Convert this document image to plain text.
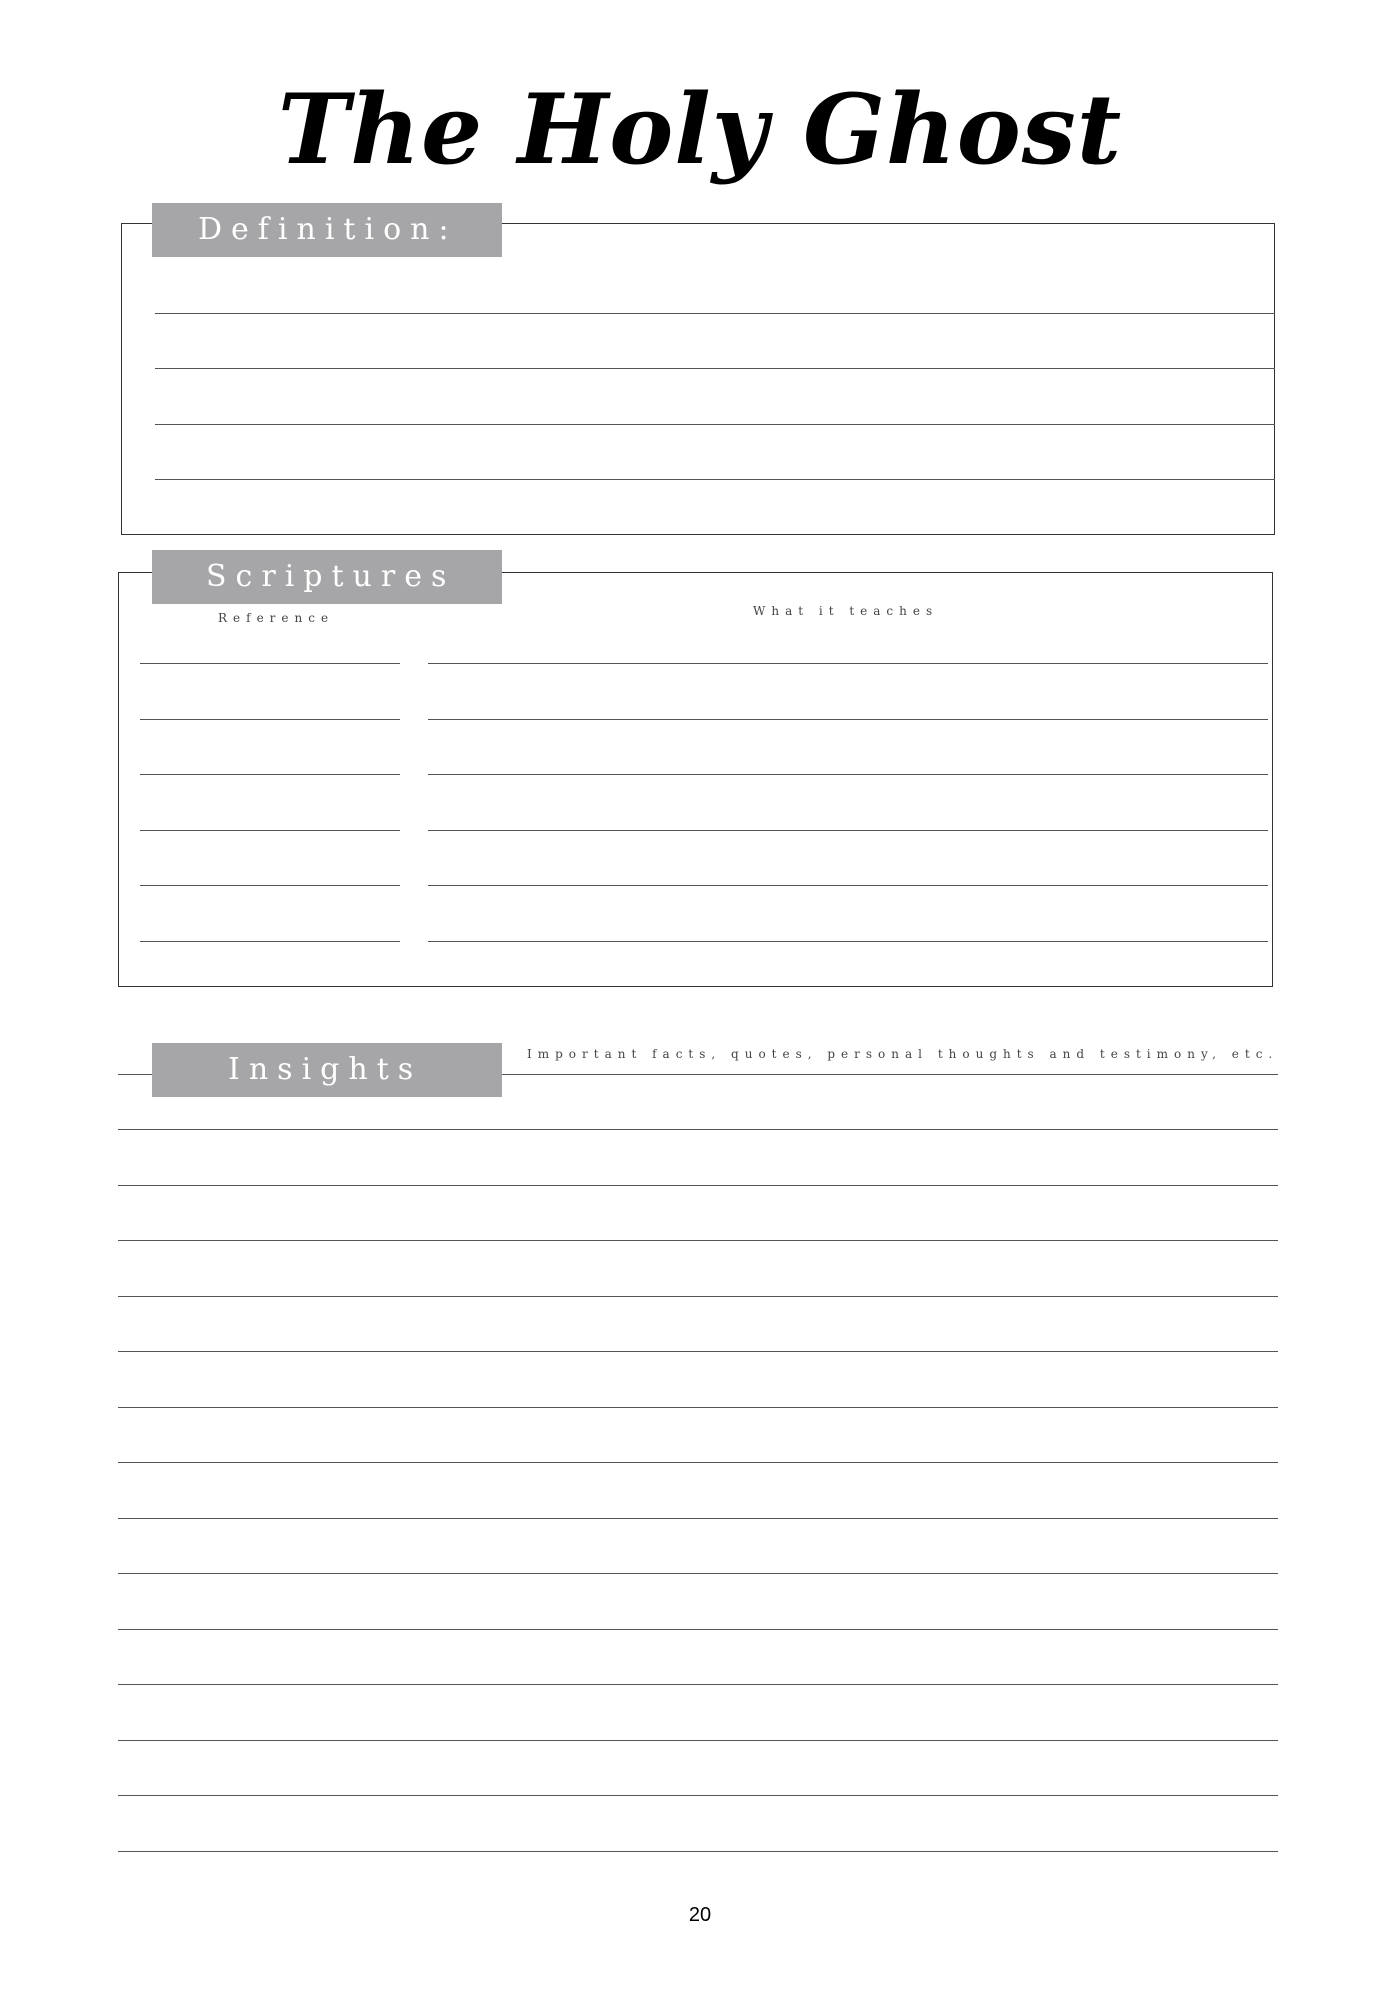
The Holy Ghost
Definition:
Scriptures
Reference	What it teaches
Insights	Important facts, quotes, personal thoughts and testimony, etc.
20
